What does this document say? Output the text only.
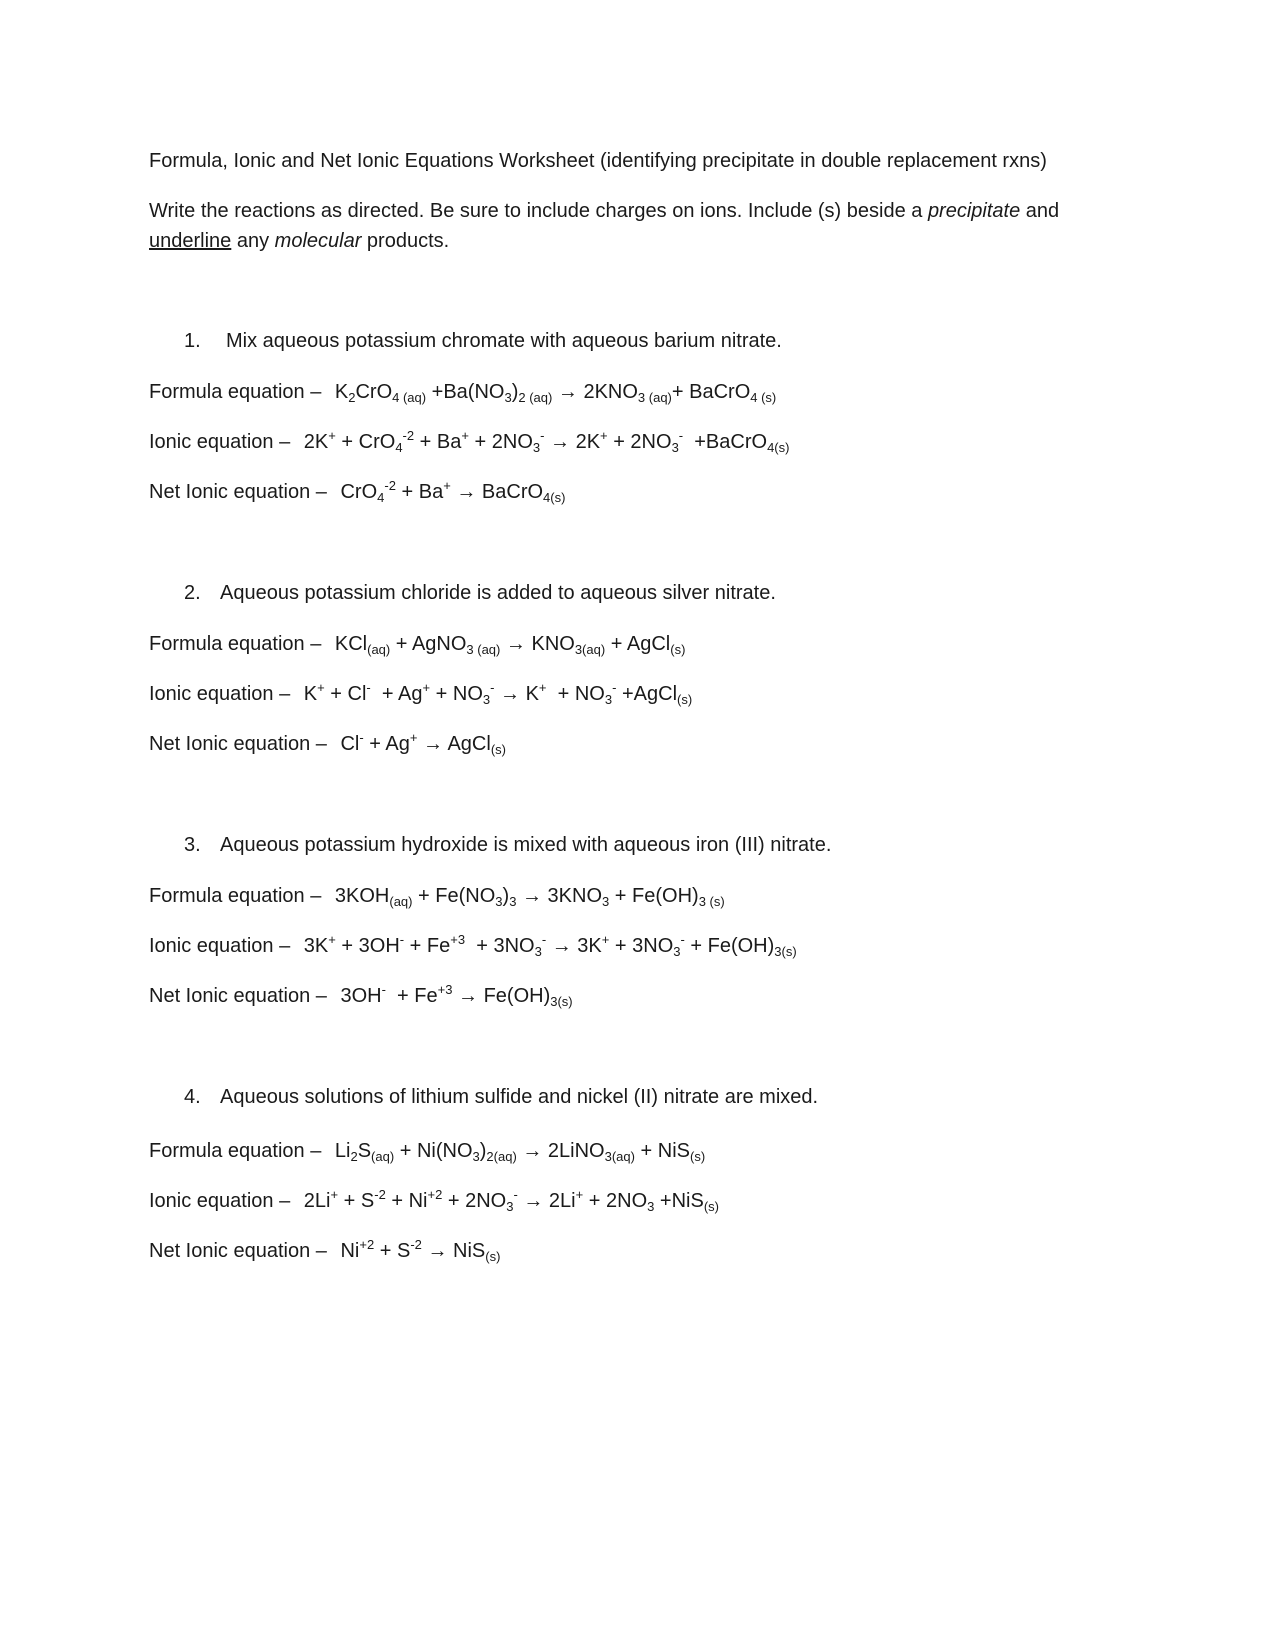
Formula, Ionic and Net Ionic Equations Worksheet (identifying precipitate in double replacement rxns)
Write the reactions as directed. Be sure to include charges on ions. Include (s) beside a precipitate and
underline any molecular products.
1. Mix aqueous potassium chromate with aqueous barium nitrate.
Formula equation – $K_2CrO_{4 (aq)} +Ba(NO_3)_{2 (aq)} \to 2KNO_{3 (aq)}+$ BaCrO$_{4 (s)}$
Ionic equation – $2K^+ + CrO_4^{-2} + Ba^+ + 2NO_3^- \to 2K^+ + 2NO_3^-$  +BaCrO$_{4(s)}$
Net Ionic equation – CrO$_4^{-2}$ + Ba+ → BaCrO$_{4(s)}$
2. Aqueous potassium chloride is added to aqueous silver nitrate.
Formula equation – KCl$_{(aq)}$ + AgNO$_{3 (aq)}$ → $KNO_{3(aq)}$ + AgCl$_{(s)}$
Ionic equation – $K^+ + Cl^- + Ag^+ + NO_3^- \to K^+ + NO_3^-$ +AgCl$_{(s)}$
Net Ionic equation – Cl- + Ag+ → AgCl$_{(s)}$
3. Aqueous potassium hydroxide is mixed with aqueous iron (III) nitrate.
Formula equation – $3KOH_{(aq)} + Fe(NO_3)_3 \to 3KNO_3 + Fe(OH)_{3 (s)}$
Ionic equation – $3K^+ + 3OH^- + Fe^{+3} + 3NO_3^- \to 3K^+ + 3NO_3^- + Fe(OH)_{3(s)}$
Net Ionic equation – $3OH^- + Fe^{+3} \to Fe(OH)_{3(s)}$
4. Aqueous solutions of lithium sulfide and nickel (II) nitrate are mixed.
Formula equation – $Li_2S_{(aq)} + Ni(NO_3)_{2(aq)}$ → 2LiNO$_{3(aq)}$ + NiS$_{(s)}$
Ionic equation – $2Li^+ + S^{-2} + Ni^{+2} + 2NO_3^- \to 2Li^+ + 2NO_3 +NiS_{(s)}$
Net Ionic equation – $Ni^{+2} + S^{-2} \to NiS_{(s)}$
